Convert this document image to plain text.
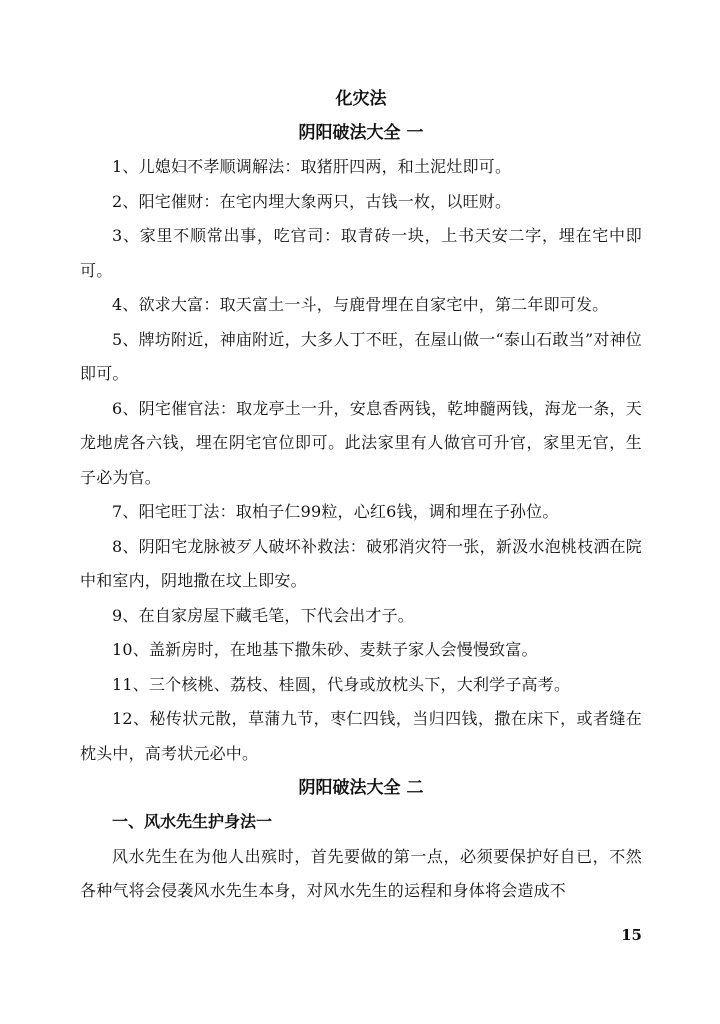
化灾法
阴阳破法大全 一

1、儿媳妇不孝顺调解法：取猪肝四两，和土泥灶即可。

2、阳宅催财：在宅内埋大象两只，古钱一枚，以旺财。

3、家里不顺常出事，吃官司：取青砖一块，上书天安二字，埋在宅中即可。

4、欲求大富：取天富土一斗，与鹿骨埋在自家宅中，第二年即可发。

5、牌坊附近，神庙附近，大多人丁不旺，在屋山做一“泰山石敢当”对神位即可。

6、阴宅催官法：取龙亭土一升，安息香两钱，乾坤髓两钱，海龙一条，天龙地虎各六钱，埋在阴宅官位即可。此法家里有人做官可升官，家里无官，生子必为官。

7、阳宅旺丁法：取柏子仁99粒，心红6钱，调和埋在子孙位。

8、阴阳宅龙脉被歹人破坏补救法：破邪消灾符一张，新汲水泡桃枝洒在院中和室内，阴地撒在坟上即安。

9、在自家房屋下藏毛笔，下代会出才子。

10、盖新房时，在地基下撒朱砂、麦麸子家人会慢慢致富。

11、三个核桃、荔枝、桂圆，代身或放枕头下，大利学子高考。

12、秘传状元散，草蒲九节，枣仁四钱，当归四钱，撒在床下，或者缝在枕头中，高考状元必中。

阴阳破法大全 二
一、风水先生护身法一

风水先生在为他人出殡时，首先要做的第一点，必须要保护好自已，不然各种气将会侵袭风水先生本身，对风水先生的运程和身体将会造成不

15
